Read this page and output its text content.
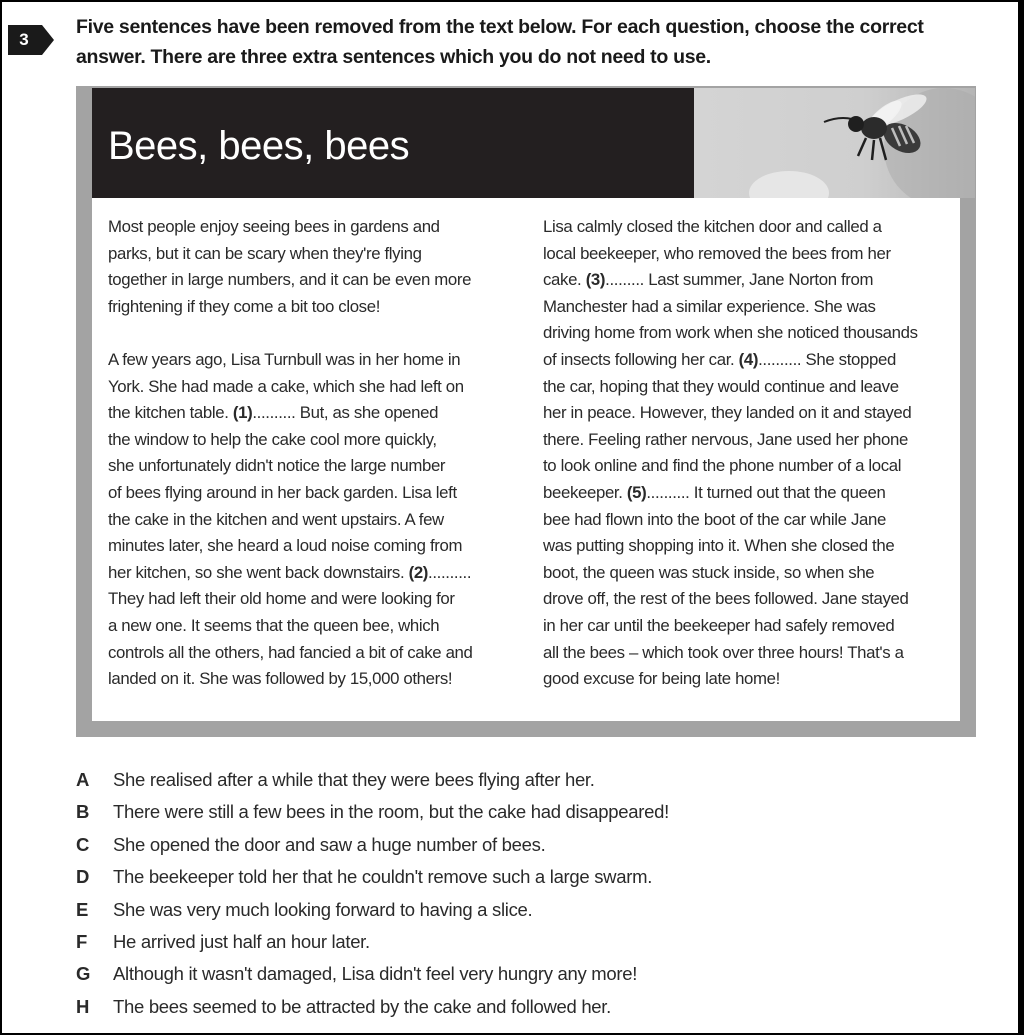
3
Five sentences have been removed from the text below. For each question, choose the correct
answer. There are three extra sentences which you do not need to use.
Bees, bees, bees
Most people enjoy seeing bees in gardens and
parks, but it can be scary when they're flying
together in large numbers, and it can be even more
frightening if they come a bit too close!
A few years ago, Lisa Turnbull was in her home in
York. She had made a cake, which she had left on
the kitchen table. (1).......... But, as she opened
the window to help the cake cool more quickly,
she unfortunately didn't notice the large number
of bees flying around in her back garden. Lisa left
the cake in the kitchen and went upstairs. A few
minutes later, she heard a loud noise coming from
her kitchen, so she went back downstairs. (2)..........
They had left their old home and were looking for
a new one. It seems that the queen bee, which
controls all the others, had fancied a bit of cake and
landed on it. She was followed by 15,000 others!
Lisa calmly closed the kitchen door and called a
local beekeeper, who removed the bees from her
cake. (3)......... Last summer, Jane Norton from
Manchester had a similar experience. She was
driving home from work when she noticed thousands
of insects following her car. (4).......... She stopped
the car, hoping that they would continue and leave
her in peace. However, they landed on it and stayed
there. Feeling rather nervous, Jane used her phone
to look online and find the phone number of a local
beekeeper. (5).......... It turned out that the queen
bee had flown into the boot of the car while Jane
was putting shopping into it. When she closed the
boot, the queen was stuck inside, so when she
drove off, the rest of the bees followed. Jane stayed
in her car until the beekeeper had safely removed
all the bees – which took over three hours! That's a
good excuse for being late home!
A	She realised after a while that they were bees flying after her.
B	There were still a few bees in the room, but the cake had disappeared!
C	She opened the door and saw a huge number of bees.
D	The beekeeper told her that he couldn't remove such a large swarm.
E	She was very much looking forward to having a slice.
F	He arrived just half an hour later.
G	Although it wasn't damaged, Lisa didn't feel very hungry any more!
H	The bees seemed to be attracted by the cake and followed her.
